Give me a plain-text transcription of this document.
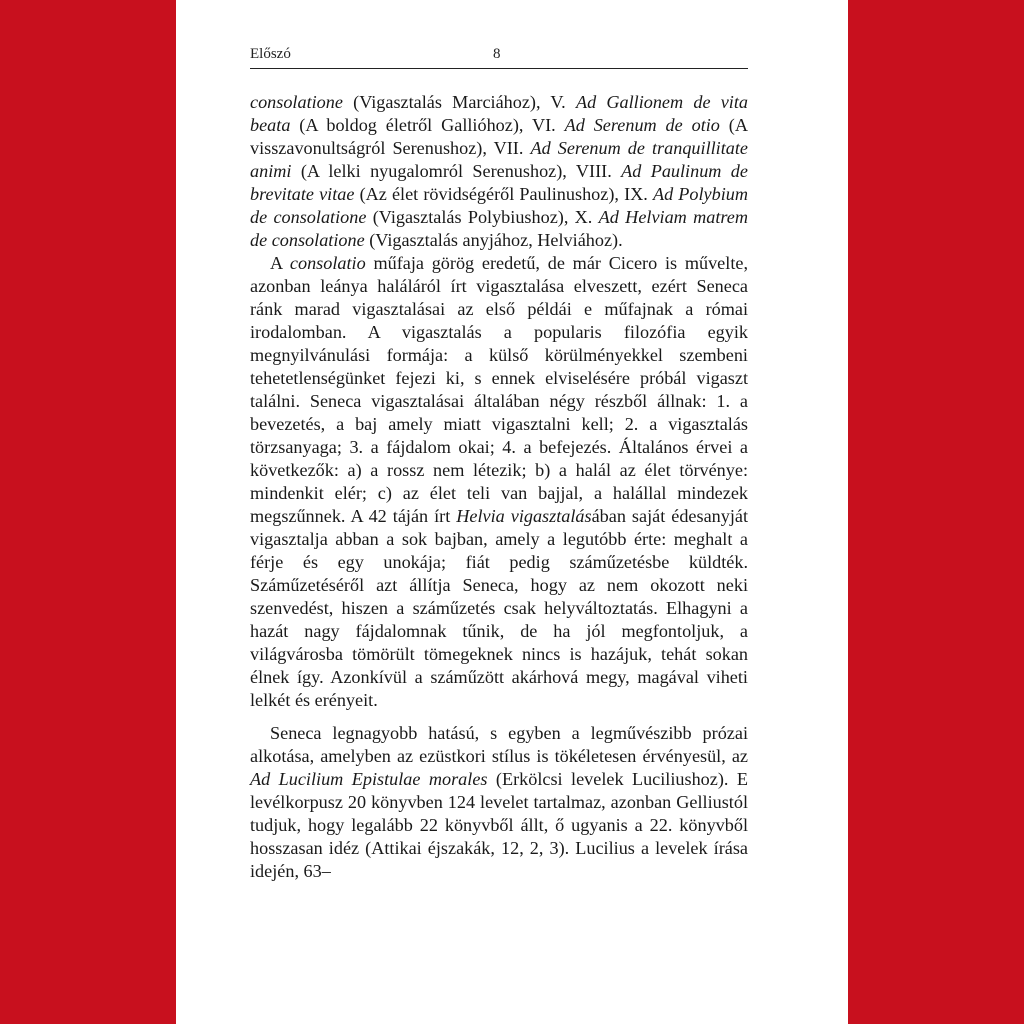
Előszó	8

consolatione (Vigasztalás Marciához), V. Ad Gallionem de vita beata (A boldog életről Gallióhoz), VI. Ad Serenum de otio (A visszavonultságról Serenushoz), VII. Ad Serenum de tranquillitate animi (A lelki nyugalomról Serenushoz), VIII. Ad Paulinum de brevitate vitae (Az élet rövidségéről Paulinushoz), IX. Ad Polybium de consolatione (Vigasztalás Polybiushoz), X. Ad Helviam matrem de consolatione (Vigasztalás anyjához, Helviához).

A consolatio műfaja görög eredetű, de már Cicero is művelte, azonban leánya haláláról írt vigasztalása elveszett, ezért Seneca ránk marad vigasztalásai az első példái e műfajnak a római irodalomban. A vigasztalás a popularis filozófia egyik megnyilvánulási formája: a külső körülményekkel szembeni tehetetlenségünket fejezi ki, s ennek elviselésére próbál vigaszt találni. Seneca vigasztalásai általában négy részből állnak: 1. a bevezetés, a baj amely miatt vigasztalni kell; 2. a vigasztalás törzsanyaga; 3. a fájdalom okai; 4. a befejezés. Általános érvei a következők: a) a rossz nem létezik; b) a halál az élet törvénye: mindenkit elér; c) az élet teli van bajjal, a halállal mindezek megszűnnek. A 42 táján írt Helvia vigasztalásában saját édesanyját vigasztalja abban a sok bajban, amely a legutóbb érte: meghalt a férje és egy unokája; fiát pedig száműzetésbe küldték. Száműzetéséről azt állítja Seneca, hogy az nem okozott neki szenvedést, hiszen a száműzetés csak helyváltoztatás. Elhagyni a hazát nagy fájdalomnak tűnik, de ha jól megfontoljuk, a világvárosba tömörült tömegeknek nincs is hazájuk, tehát sokan élnek így. Azonkívül a száműzött akárhová megy, magával viheti lelkét és erényeit.

Seneca legnagyobb hatású, s egyben a legművészibb prózai alkotása, amelyben az ezüstkori stílus is tökéletesen érvényesül, az Ad Lucilium Epistulae morales (Erkölcsi levelek Luciliushoz). E levélkorpusz 20 könyvben 124 levelet tartalmaz, azonban Gelliustól tudjuk, hogy legalább 22 könyvből állt, ő ugyanis a 22. könyvből hosszasan idéz (Attikai éjszakák, 12, 2, 3). Lucilius a levelek írása idején, 63–
